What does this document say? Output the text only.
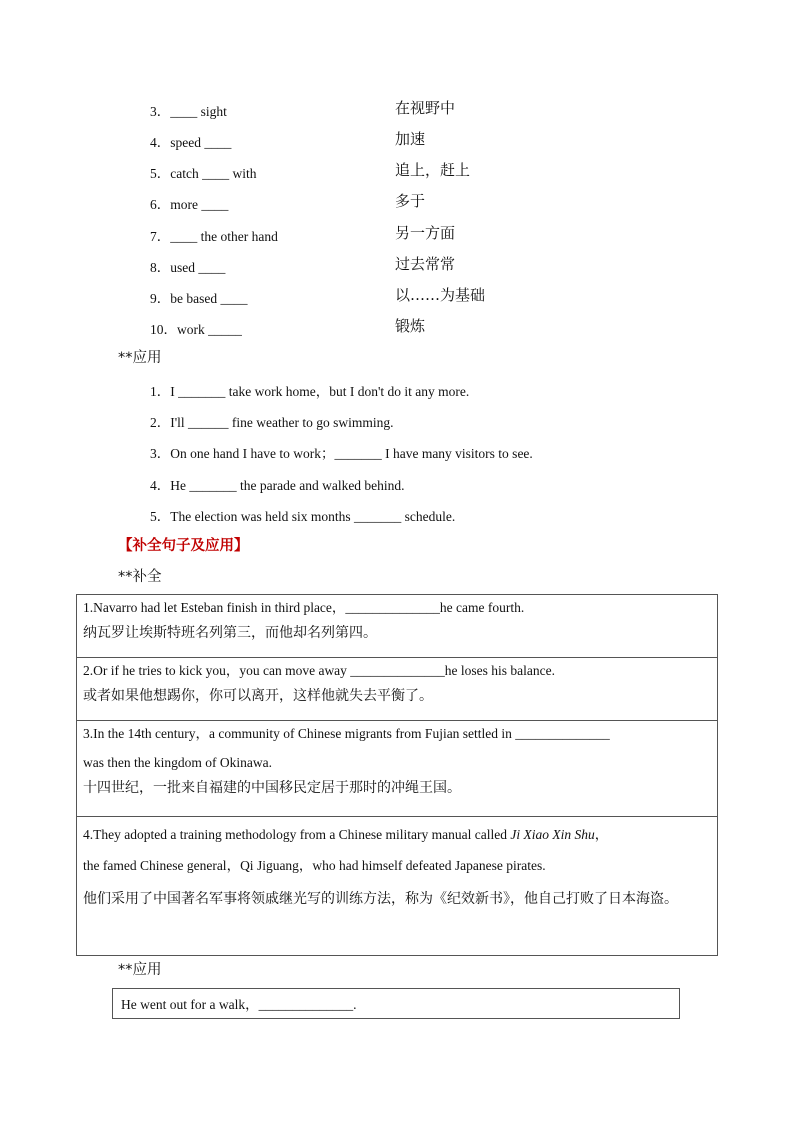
3．____ sight	在视野中
4．speed ____	加速
5．catch ____ with	追上，赶上
6．more ____	多于
7．____ the other hand	另一方面
8．used ____	过去常常
9．be based ____	以……为基础
10．work _____	锻炼
**应用
1．I _______ take work home，but I don't do it any more.
2．I'll ______ fine weather to go swimming.
3．On one hand I have to work；_______ I have many visitors to see.
4．He _______ the parade and walked behind.
5．The election was held six months _______ schedule.
【补全句子及应用】
**补全

1.Navarro had let Esteban finish in third place，______________he came fourth.

纳瓦罗让埃斯特班名列第三，而他却名列第四。

2.Or if he tries to kick you，you can move away ______________he loses his balance.

或者如果他想踢你，你可以离开，这样他就失去平衡了。

3.In the 14th century，a community of Chinese migrants from Fujian settled in ______________

was then the kingdom of Okinawa.

十四世纪，一批来自福建的中国移民定居于那时的冲绳王国。

4.They adopted a training methodology from a Chinese military manual called Ji Xiao Xin Shu，

the famed Chinese general，Qi Jiguang，who had himself defeated Japanese pirates.

他们采用了中国著名军事将领戚继光写的训练方法，称为《纪效新书》，他自己打败了日本海盗。

**应用
He went out for a walk，______________.
